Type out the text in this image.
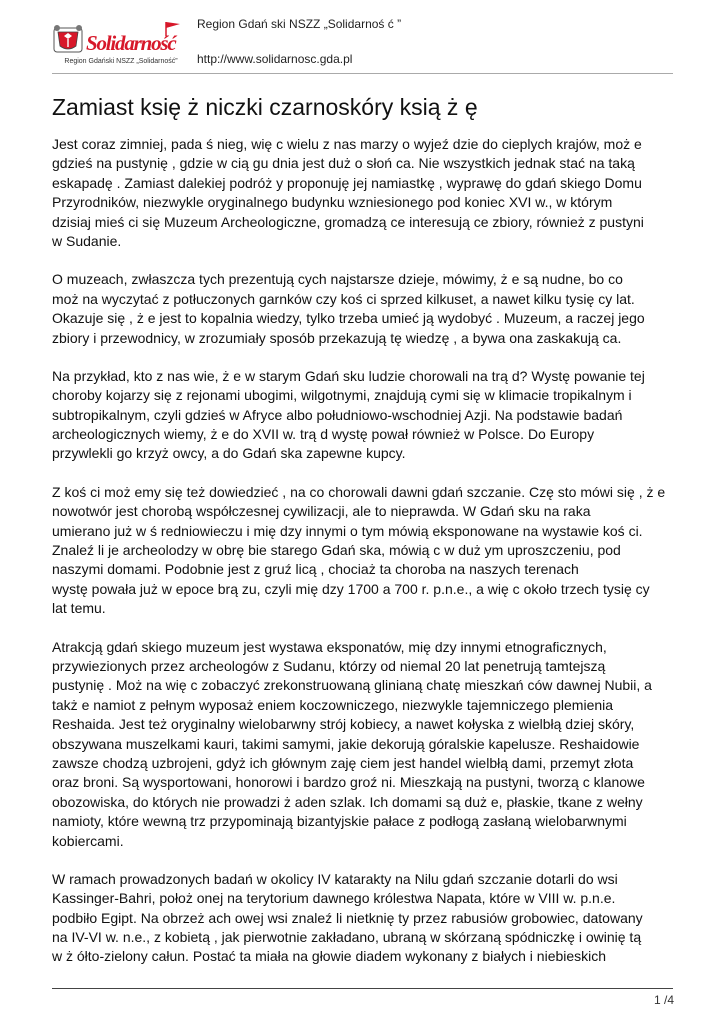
Solidarność
Region Gdański NSZZ „Solidarność”
Region Gdań ski NSZZ „Solidarnoś ć ”
http://www.solidarnosc.gda.pl
Zamiast księ ż niczki czarnoskóry ksią ż ę
Jest coraz zimniej, pada ś nieg, wię c wielu z nas marzy o wyjeź dzie do cieplych krajów, moż e
gdzieś na pustynię , gdzie w cią gu dnia jest duż o słoń ca. Nie wszystkich jednak stać na taką
eskapadę . Zamiast dalekiej podróż y proponuję jej namiastkę , wyprawę do gdań skiego Domu
Przyrodników, niezwykle oryginalnego budynku wzniesionego pod koniec XVI w., w którym
dzisiaj mieś ci się Muzeum Archeologiczne, gromadzą ce interesują ce zbiory, również z pustyni
w Sudanie.
O muzeach, zwłaszcza tych prezentują cych najstarsze dzieje, mówimy, ż e są nudne, bo co
moż na wyczytać z potłuczonych garnków czy koś ci sprzed kilkuset, a nawet kilku tysię cy lat.
Okazuje się , ż e jest to kopalnia wiedzy, tylko trzeba umieć ją wydobyć . Muzeum, a raczej jego
zbiory i przewodnicy, w zrozumiały sposób przekazują tę wiedzę , a bywa ona zaskakują ca.
Na przykład, kto z nas wie, ż e w starym Gdań sku ludzie chorowali na trą d? Wystę powanie tej
choroby kojarzy się z rejonami ubogimi, wilgotnymi, znajdują cymi się w klimacie tropikalnym i
subtropikalnym, czyli gdzieś w Afryce albo południowo-wschodniej Azji. Na podstawie badań
archeologicznych wiemy, ż e do XVII w. trą d wystę pował również w Polsce. Do Europy
przywlekli go krzyż owcy, a do Gdań ska zapewne kupcy.
Z koś ci moż emy się też dowiedzieć , na co chorowali dawni gdań szczanie. Czę sto mówi się , ż e
nowotwór jest chorobą współczesnej cywilizacji, ale to nieprawda. W Gdań sku na raka
umierano już w ś redniowieczu i mię dzy innymi o tym mówią eksponowane na wystawie koś ci.
Znaleź li je archeolodzy w obrę bie starego Gdań ska, mówią c w duż ym uproszczeniu, pod
naszymi domami. Podobnie jest z gruź licą , chociaż ta choroba na naszych terenach
wystę powała już w epoce brą zu, czyli mię dzy 1700 a 700 r. p.n.e., a wię c około trzech tysię cy
lat temu.
Atrakcją gdań skiego muzeum jest wystawa eksponatów, mię dzy innymi etnograficznych,
przywiezionych przez archeologów z Sudanu, którzy od niemal 20 lat penetrują tamtejszą
pustynię . Moż na wię c zobaczyć zrekonstruowaną glinianą chatę mieszkań ców dawnej Nubii, a
takż e namiot z pełnym wyposaż eniem koczowniczego, niezwykle tajemniczego plemienia
Reshaida. Jest też oryginalny wielobarwny strój kobiecy, a nawet kołyska z wielbłą dziej skóry,
obszywana muszelkami kauri, takimi samymi, jakie dekorują góralskie kapelusze. Reshaidowie
zawsze chodzą uzbrojeni, gdyż ich głównym zaję ciem jest handel wielbłą dami, przemyt złota
oraz broni. Są wysportowani, honorowi i bardzo groź ni. Mieszkają na pustyni, tworzą c klanowe
obozowiska, do których nie prowadzi ż aden szlak. Ich domami są duż e, płaskie, tkane z wełny
namioty, które wewną trz przypominają bizantyjskie pałace z podłogą zasłaną wielobarwnymi
kobiercami.
W ramach prowadzonych badań w okolicy IV katarakty na Nilu gdań szczanie dotarli do wsi
Kassinger-Bahri, położ onej na terytorium dawnego królestwa Napata, które w VIII w. p.n.e.
podbiło Egipt. Na obrzeż ach owej wsi znaleź li nietknię ty przez rabusiów grobowiec, datowany
na IV-VI w. n.e., z kobietą , jak pierwotnie zakładano, ubraną w skórzaną spódniczkę i owinię tą
w ż ółto-zielony całun. Postać ta miała na głowie diadem wykonany z białych i niebieskich
1 /4
